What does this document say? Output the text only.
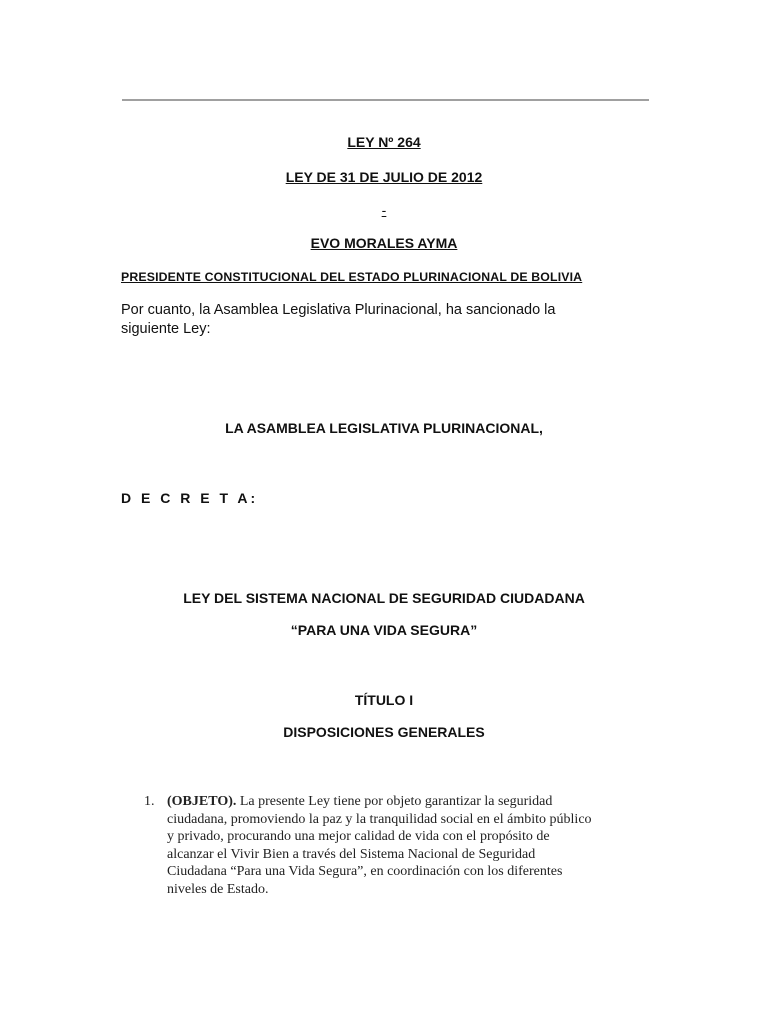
LEY Nº 264
LEY DE 31 DE JULIO DE 2012
-
EVO MORALES AYMA
PRESIDENTE CONSTITUCIONAL DEL ESTADO PLURINACIONAL DE BOLIVIA
Por cuanto, la Asamblea Legislativa Plurinacional, ha sancionado la
siguiente Ley:
LA ASAMBLEA LEGISLATIVA PLURINACIONAL,
D E C R E T A:
LEY DEL SISTEMA NACIONAL DE SEGURIDAD CIUDADANA
“PARA UNA VIDA SEGURA”
TÍTULO I
DISPOSICIONES GENERALES
1. (OBJETO). La presente Ley tiene por objeto garantizar la seguridad
ciudadana, promoviendo la paz y la tranquilidad social en el ámbito público
y privado, procurando una mejor calidad de vida con el propósito de
alcanzar el Vivir Bien a través del Sistema Nacional de Seguridad
Ciudadana “Para una Vida Segura”, en coordinación con los diferentes
niveles de Estado.
